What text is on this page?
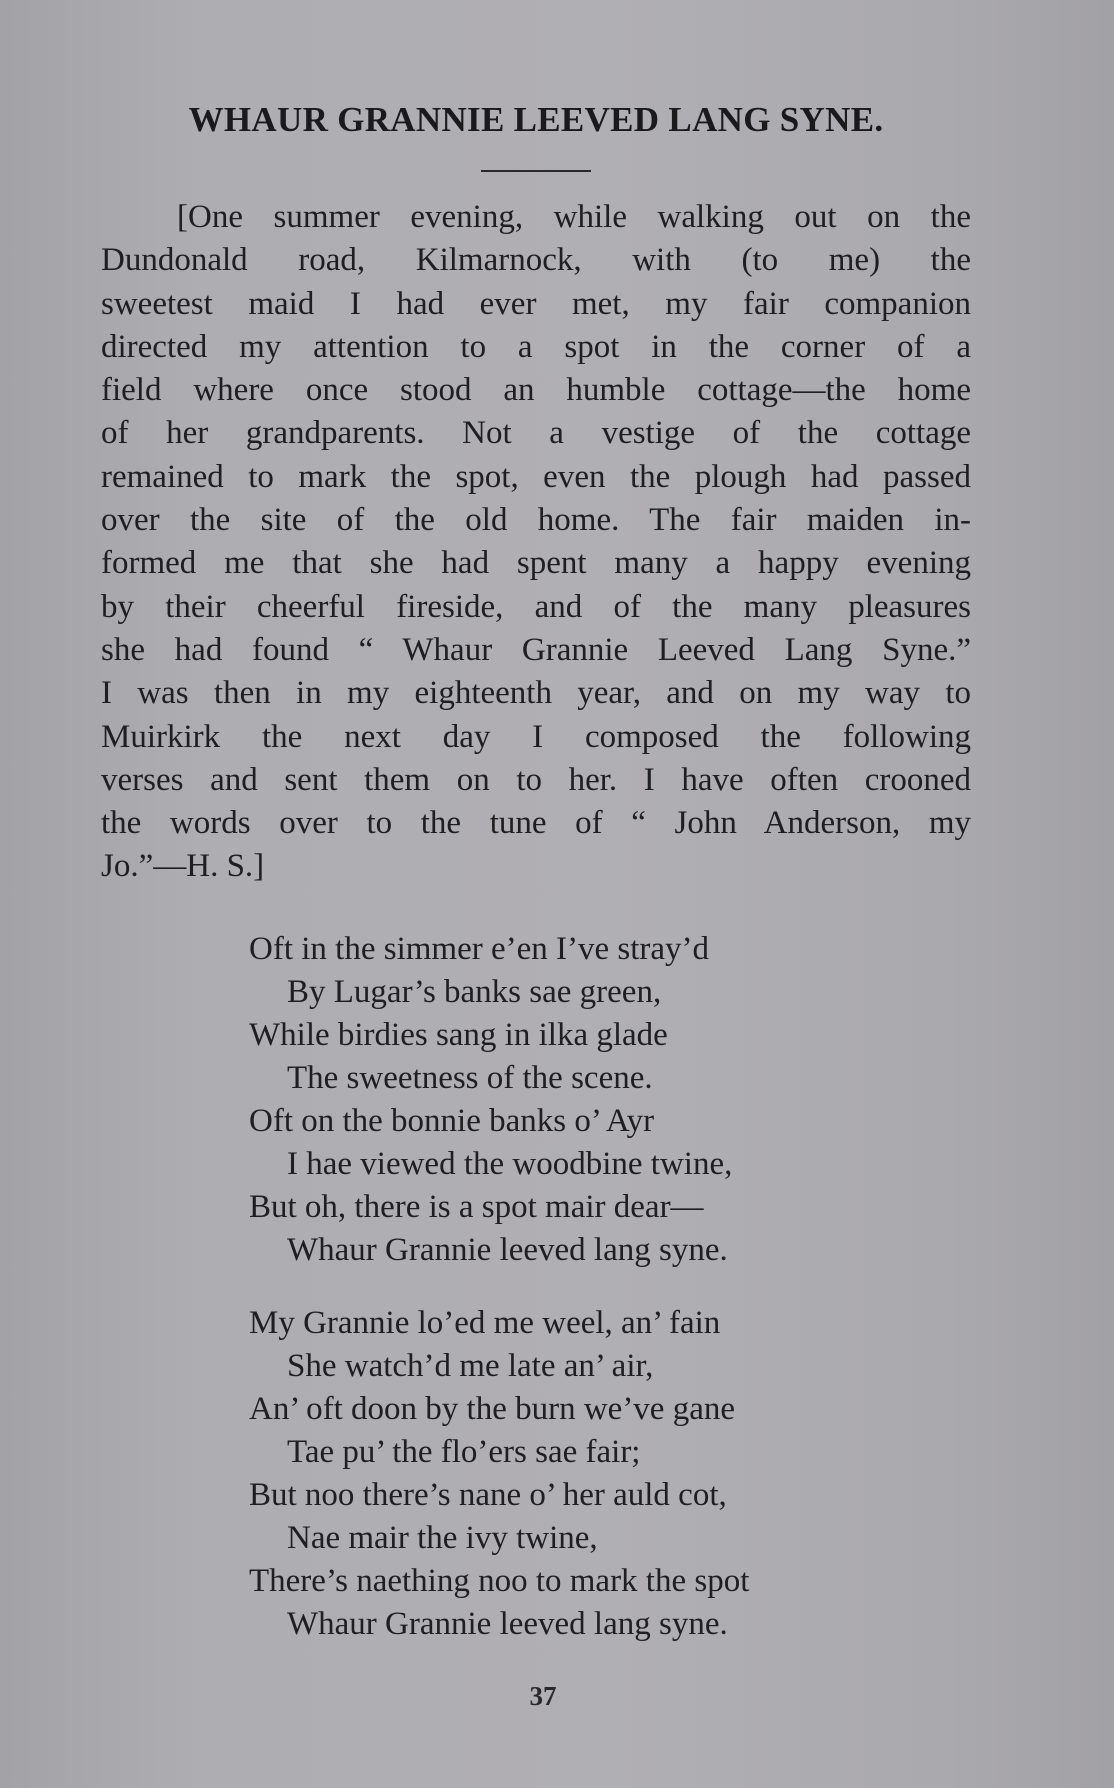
WHAUR GRANNIE LEEVED LANG SYNE.
[One summer evening, while walking out on the
Dundonald road, Kilmarnock, with (to me) the
sweetest maid I had ever met, my fair companion
directed my attention to a spot in the corner of a
field where once stood an humble cottage—the home
of her grandparents. Not a vestige of the cottage
remained to mark the spot, even the plough had passed
over the site of the old home. The fair maiden in-
formed me that she had spent many a happy evening
by their cheerful fireside, and of the many pleasures
she had found “ Whaur Grannie Leeved Lang Syne.”
I was then in my eighteenth year, and on my way to
Muirkirk the next day I composed the following
verses and sent them on to her. I have often crooned
the words over to the tune of “ John Anderson, my
Jo.”—H. S.]
Oft in the simmer e’en I’ve stray’d
By Lugar’s banks sae green,
While birdies sang in ilka glade
The sweetness of the scene.
Oft on the bonnie banks o’ Ayr
I hae viewed the woodbine twine,
But oh, there is a spot mair dear—
Whaur Grannie leeved lang syne.
My Grannie lo’ed me weel, an’ fain
She watch’d me late an’ air,
An’ oft doon by the burn we’ve gane
Tae pu’ the flo’ers sae fair;
But noo there’s nane o’ her auld cot,
Nae mair the ivy twine,
There’s naething noo to mark the spot
Whaur Grannie leeved lang syne.
37
